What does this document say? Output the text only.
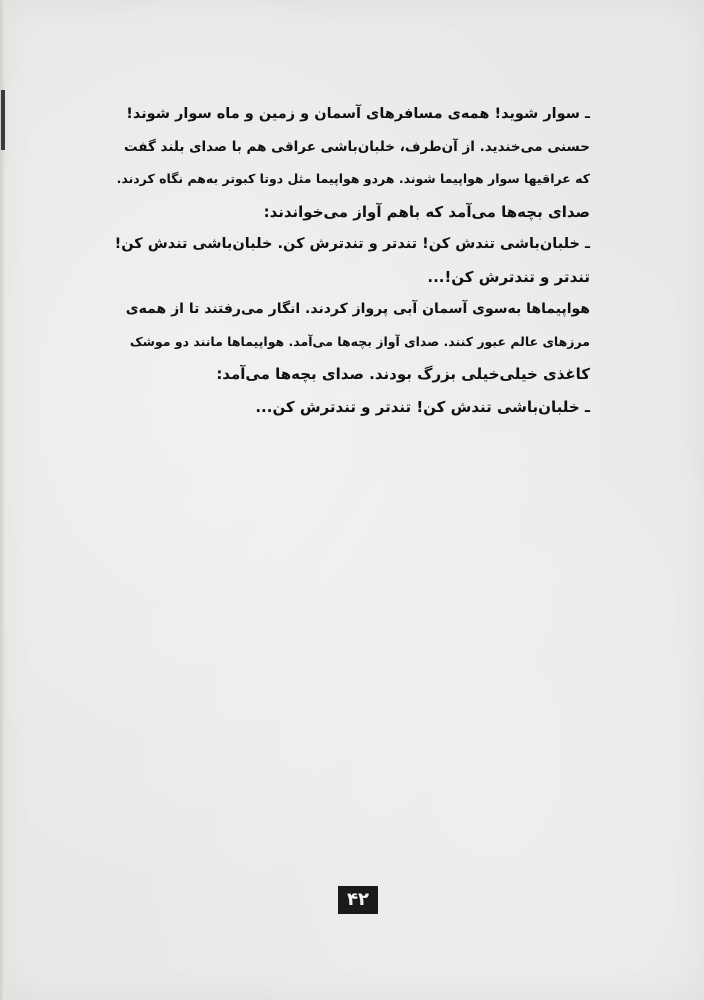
ـ سوار شوید! همه‌ی مسافرهای آسمان و زمین و ماه سوار شوند!
حسنی می‌خندید. از آن‌طرف، خلبان‌باشی عراقی هم با صدای بلند گفت
که عراقیها سوار هواپیما شوند. هردو هواپیما مثل دوتا کبوتر به‌هم نگاه کردند.
صدای بچه‌ها می‌آمد که باهم آواز می‌خواندند:
ـ خلبان‌باشی تندش کن! تندتر و تندترش کن. خلبان‌باشی تندش کن!
تندتر و تندترش کن!...
هواپیماها به‌سوی آسمان آبی پرواز کردند. انگار می‌رفتند تا از همه‌ی
مرزهای عالم عبور کنند. صدای آواز بچه‌ها می‌آمد. هواپیماها مانند دو موشک
کاغذی خیلی‌خیلی بزرگ بودند. صدای بچه‌ها می‌آمد:
ـ خلبان‌باشی تندش کن! تندتر و تندترش کن...
۴۲
